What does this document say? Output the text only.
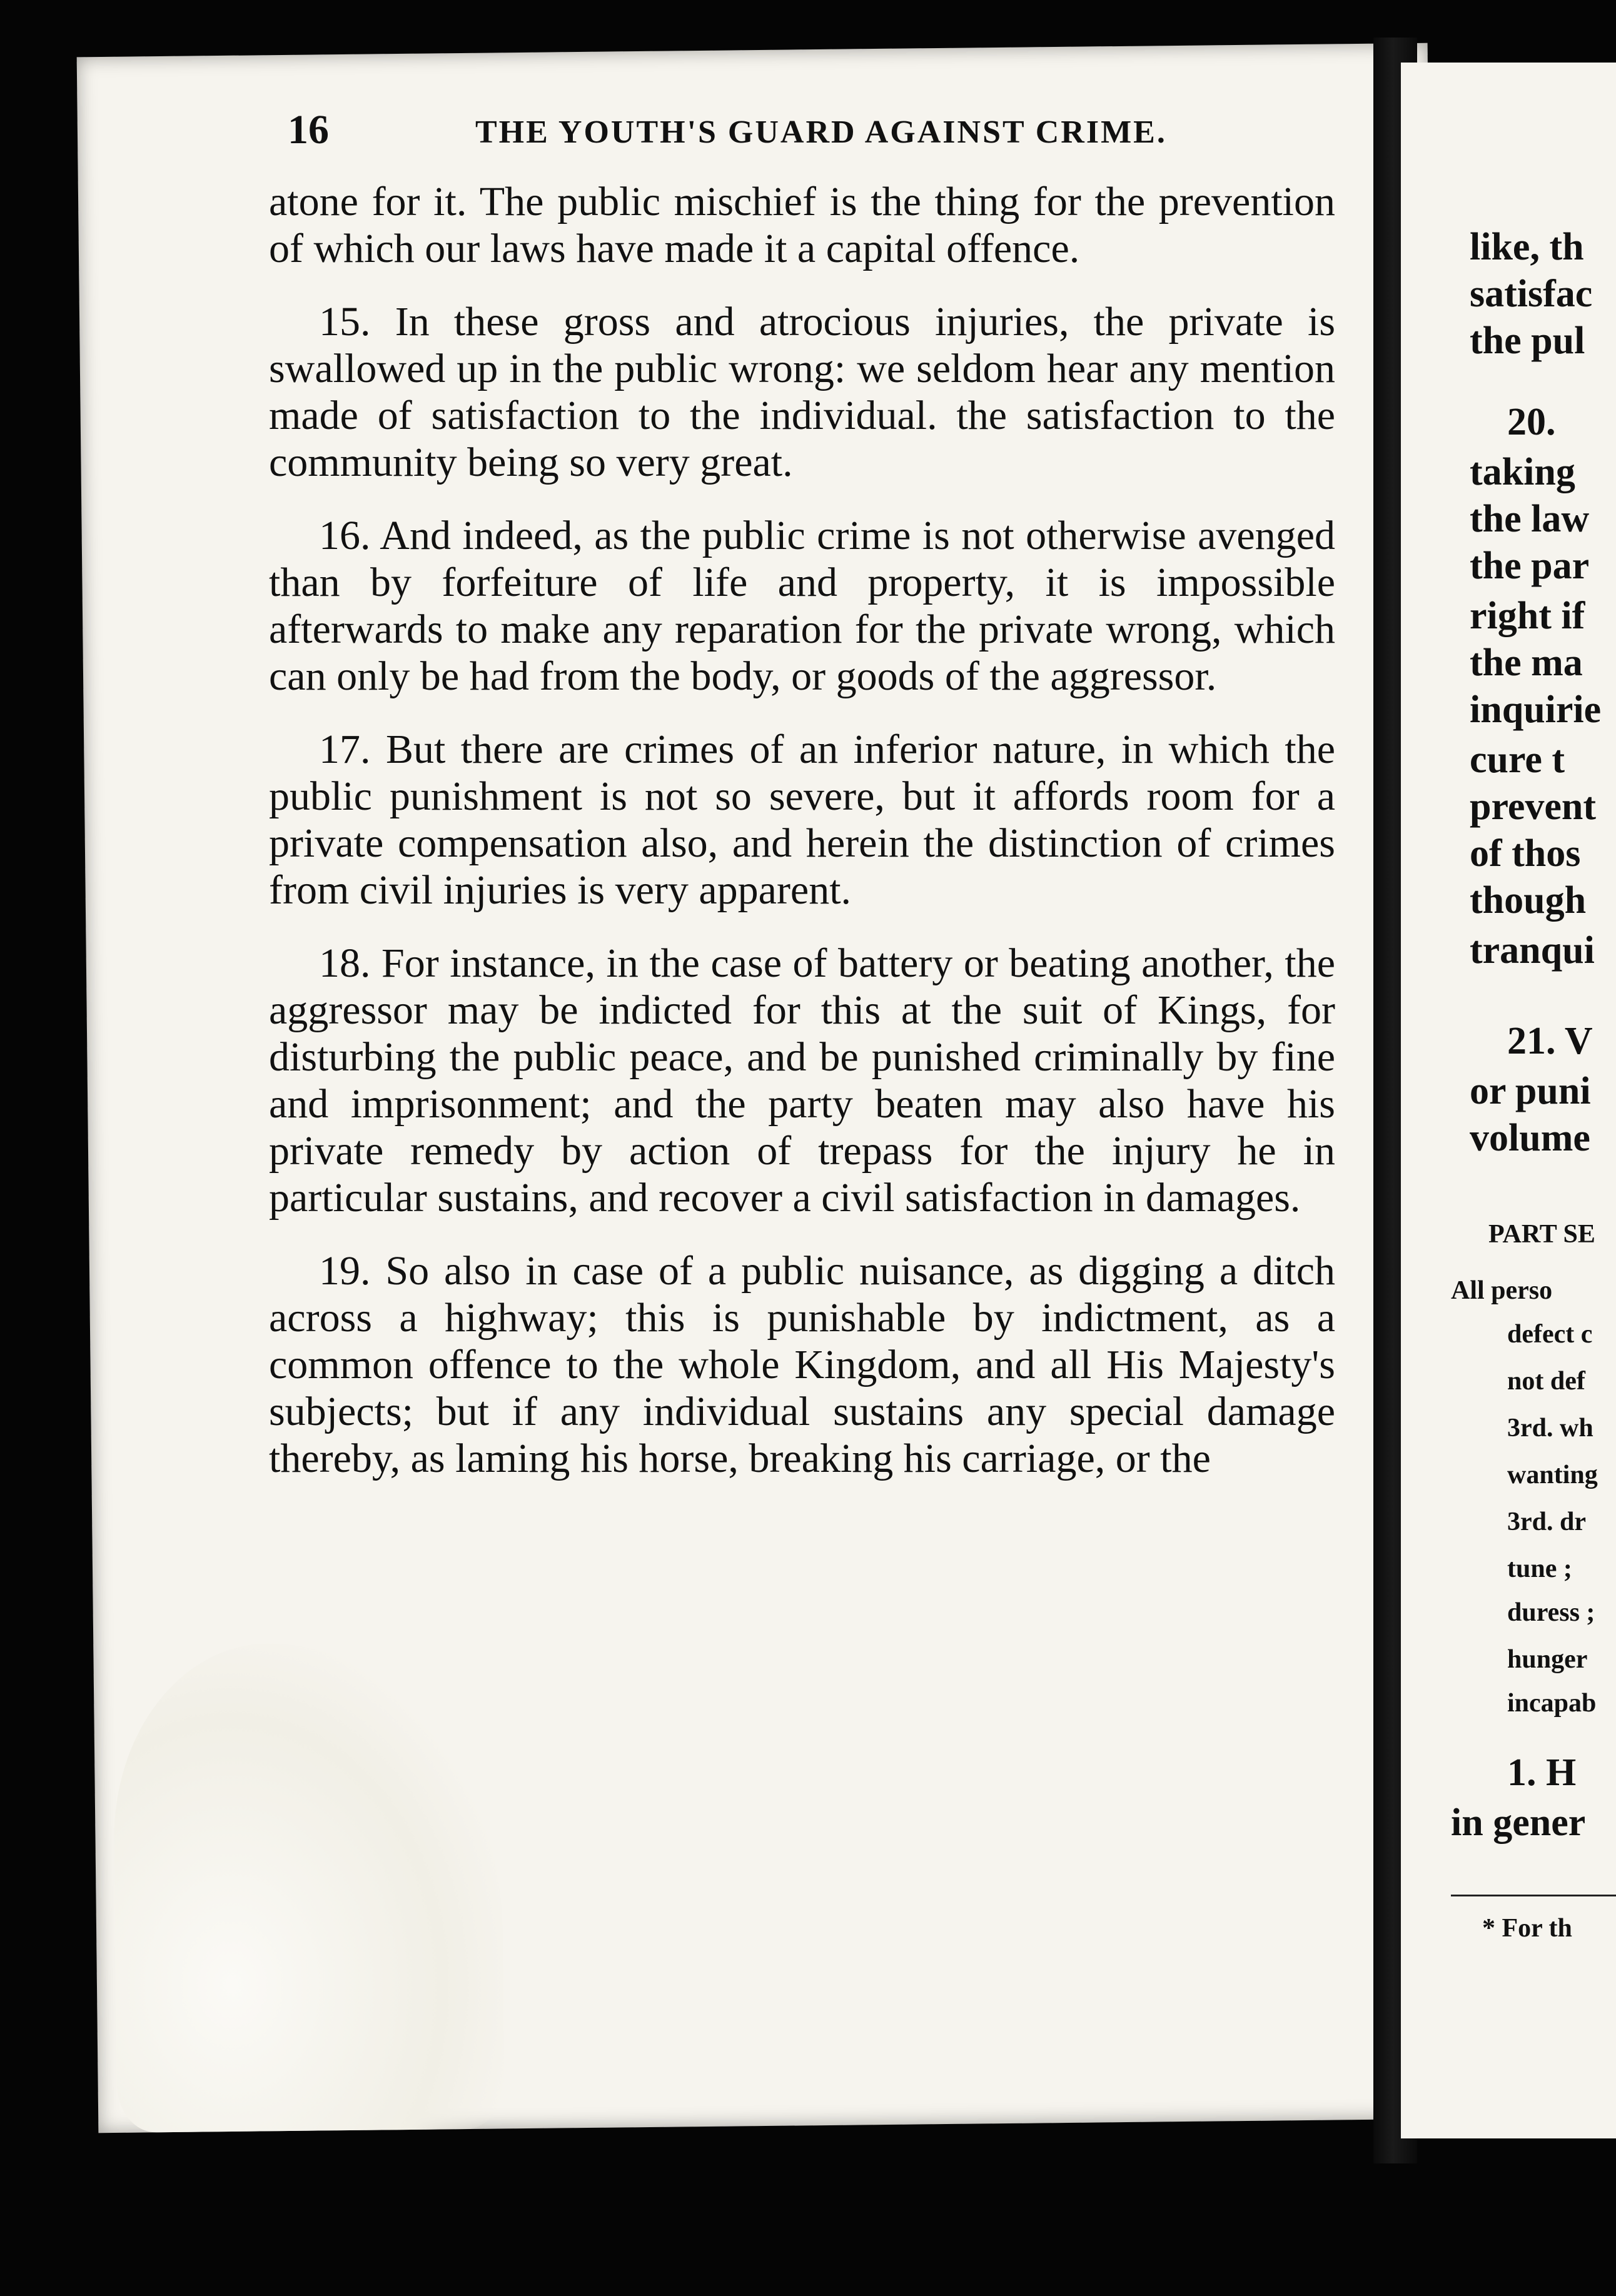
16	THE YOUTH'S GUARD AGAINST CRIME.

atone for it. The public mischief is the thing for the prevention of which our laws have made it a capital offence.

15. In these gross and atrocious injuries, the private is swallowed up in the public wrong: we seldom hear any mention made of satisfaction to the individual. the satisfaction to the community being so very great.

16. And indeed, as the public crime is not otherwise avenged than by forfeiture of life and property, it is impossible afterwards to make any reparation for the private wrong, which can only be had from the body, or goods of the aggressor.

17. But there are crimes of an inferior nature, in which the public punishment is not so severe, but it affords room for a private compensation also, and herein the distinction of crimes from civil injuries is very apparent.

18. For instance, in the case of battery or beating another, the aggressor may be indicted for this at the suit of Kings, for disturbing the public peace, and be punished criminally by fine and imprisonment; and the party beaten may also have his private remedy by action of trepass for the injury he in particular sustains, and recover a civil satisfaction in damages.

19. So also in case of a public nuisance, as digging a ditch across a highway; this is punishable by indictment, as a common offence to the whole Kingdom, and all His Majesty's subjects; but if any individual sustains any special damage thereby, as laming his horse, breaking his carriage, or the

like, th
satisfac
the pul
20.
taking
the law
the par
right if
the ma
inquirie
cure t
prevent
of thos
though
tranqui
21. V
or puni
volume
PART SE
All perso
defect c
not def
3rd. wh
wanting
3rd. dr
tune ;
duress ;
hunger
incapab
1. H
in gener
* For th
